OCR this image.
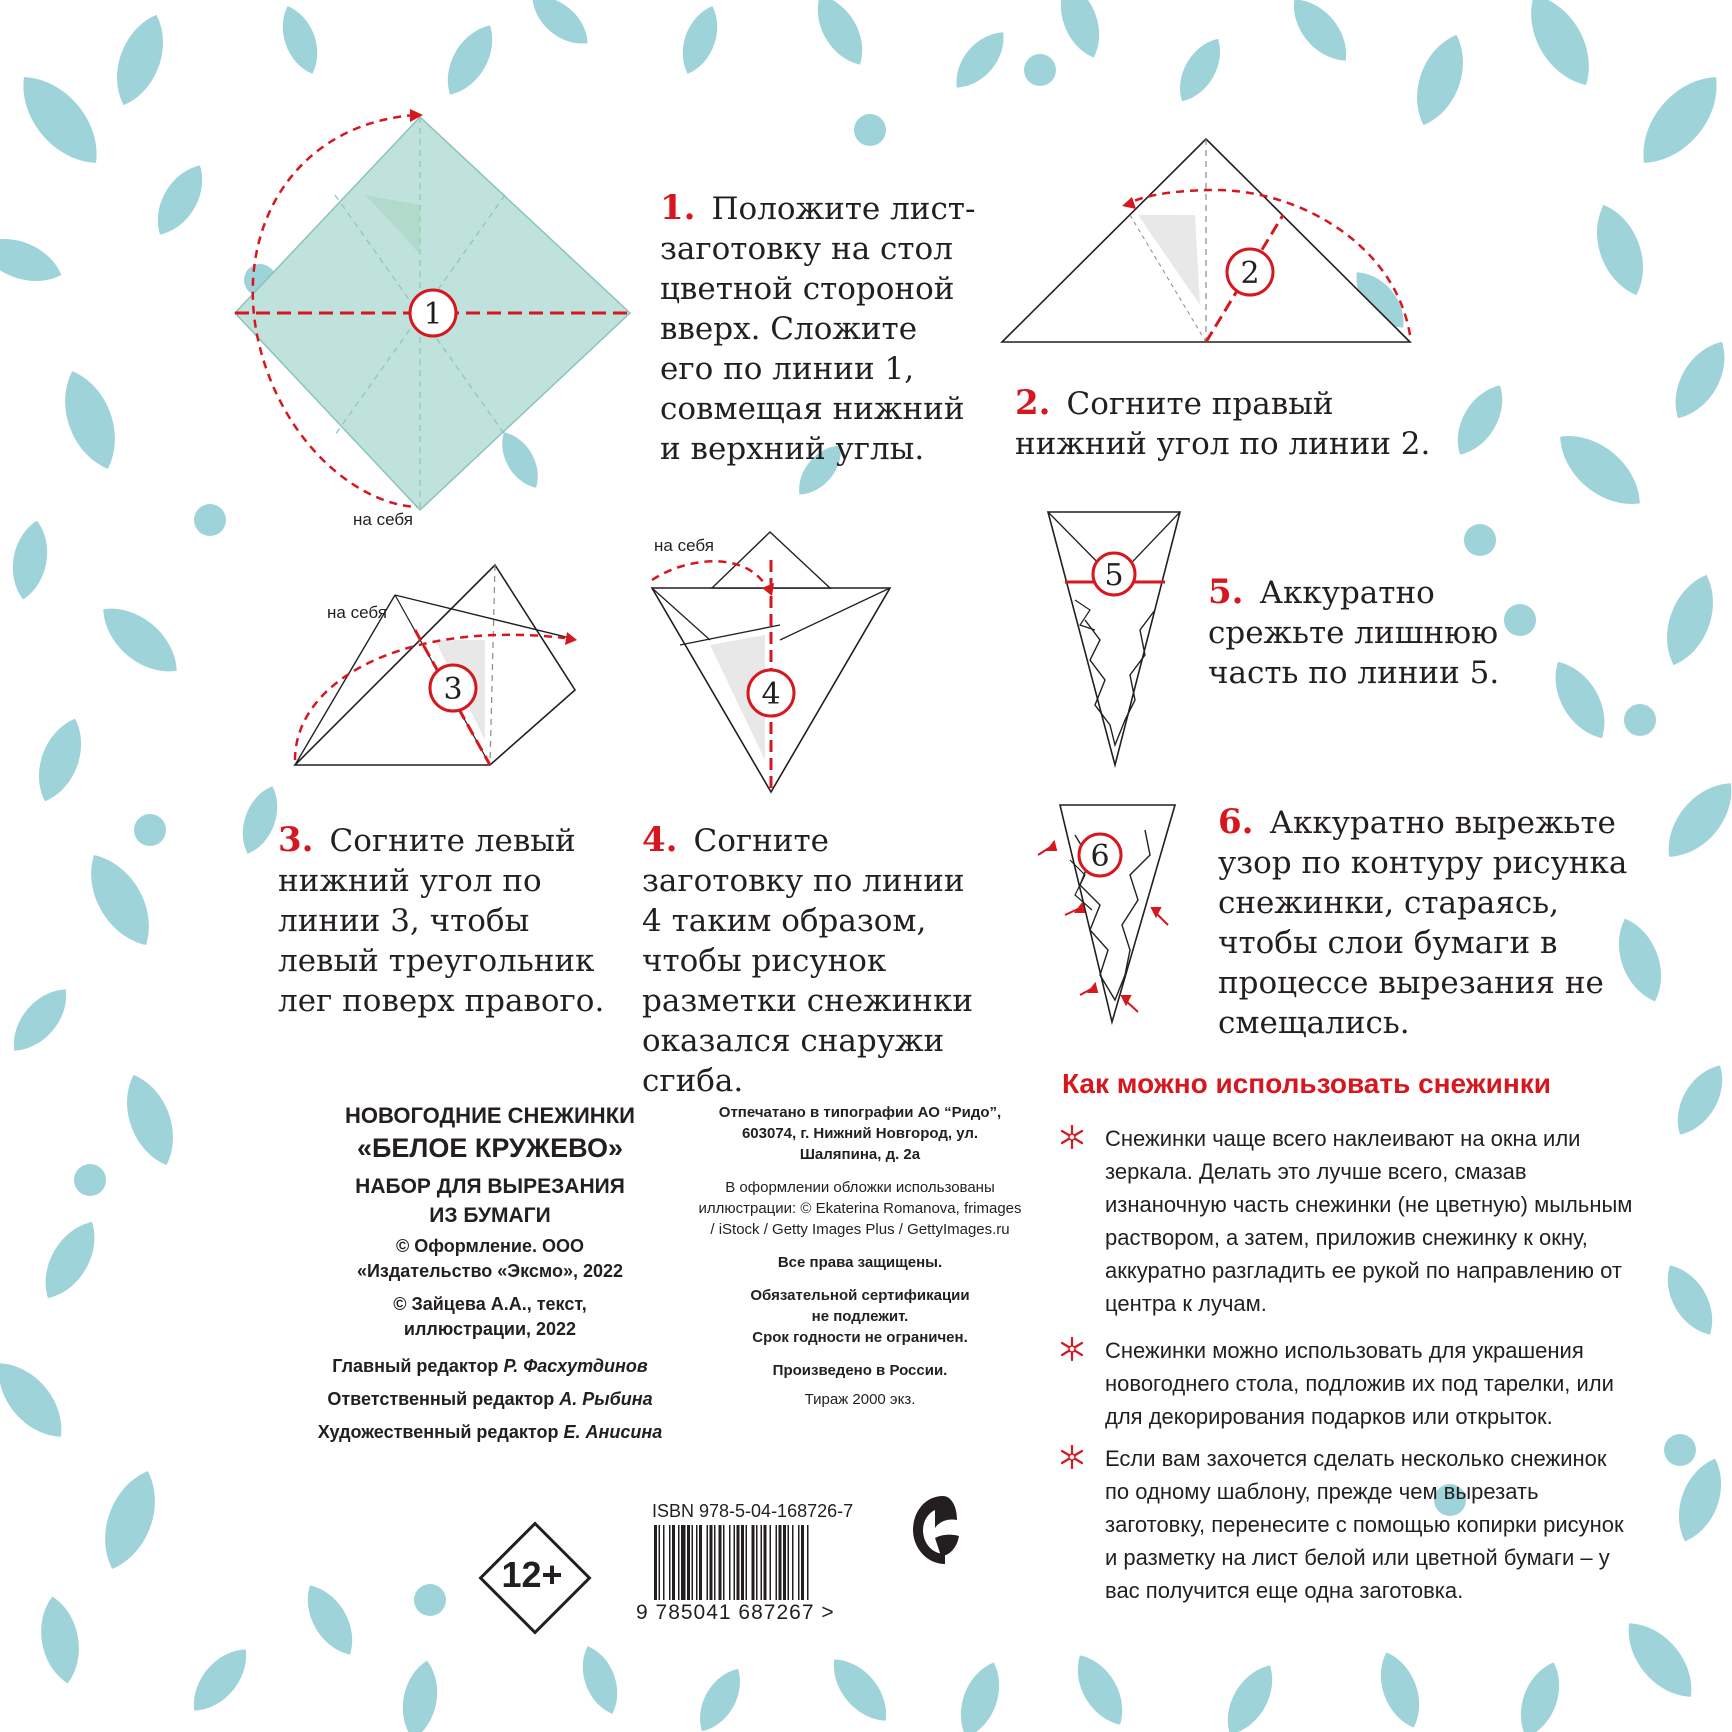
1
на себя
2
3
на себя
4
на себя
5
6
1. Положите лист-заготовку на стол цветной стороной вверх. Сложите его по линии 1, совмещая нижний и верхний углы.
2. Согните правый нижний угол по линии 2.
3. Согните левый нижний угол по линии 3, чтобы левый треугольник лег поверх правого.
4. Согните заготовку по линии 4 таким образом, чтобы рисунок разметки снежинки оказался снаружи сгиба.
5. Аккуратно срежьте лишнюю часть по линии 5.
6. Аккуратно вырежьте узор по контуру рисунка снежинки, стараясь, чтобы слои бумаги в процессе вырезания не смещались.
НОВОГОДНИЕ СНЕЖИНКИ
«БЕЛОЕ КРУЖЕВО»
НАБОР ДЛЯ ВЫРЕЗАНИЯ ИЗ БУМАГИ
© Оформление. ООО «Издательство «Эксмо», 2022
© Зайцева А.А., текст, иллюстрации, 2022
Главный редактор Р. Фасхутдинов
Ответственный редактор А. Рыбина
Художественный редактор Е. Анисина
Отпечатано в типографии АО “Ридо”, 603074, г. Нижний Новгород, ул. Шаляпина, д. 2а
В оформлении обложки использованы иллюстрации: © Ekaterina Romanova, frimages / iStock / Getty Images Plus / GettyImages.ru
Все права защищены.
Обязательной сертификации не подлежит.
Срок годности не ограничен.
Произведено в России.
Тираж 2000 экз.
12+
ISBN 978-5-04-168726-7
9 785041 687267 >
Как можно использовать снежинки
Снежинки чаще всего наклеивают на окна или зеркала. Делать это лучше всего, смазав изнаночную часть снежинки (не цветную) мыльным раствором, а затем, приложив снежинку к окну, аккуратно разгладить ее рукой по направлению от центра к лучам.
Снежинки можно использовать для украшения новогоднего стола, подложив их под тарелки, или для декорирования подарков или открыток.
Если вам захочется сделать несколько снежинок по одному шаблону, прежде чем вырезать заготовку, перенесите с помощью копирки рисунок и разметку на лист белой или цветной бумаги – у вас получится еще одна заготовка.
